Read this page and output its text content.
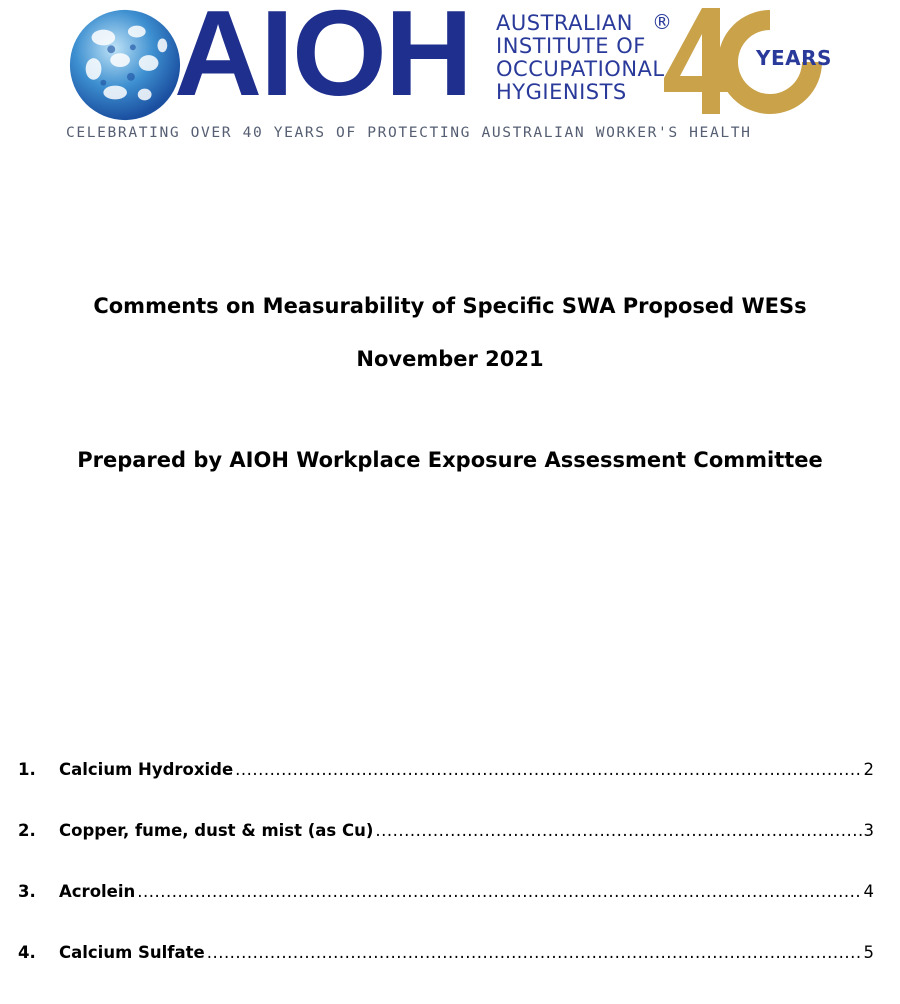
AIOH AUSTRALIAN
INSTITUTE OF
OCCUPATIONAL
HYGIENISTS
®
YEARS
CELEBRATING OVER 40 YEARS OF PROTECTING AUSTRALIAN WORKER'S HEALTH
Comments on Measurability of Specific SWA Proposed WESs
November 2021
Prepared by AIOH Workplace Exposure Assessment Committee
1.	Calcium Hydroxide .....	2
2.	Copper, fume, dust & mist (as Cu) .....	3
3.	Acrolein .....	4
4.	Calcium Sulfate .....	5
